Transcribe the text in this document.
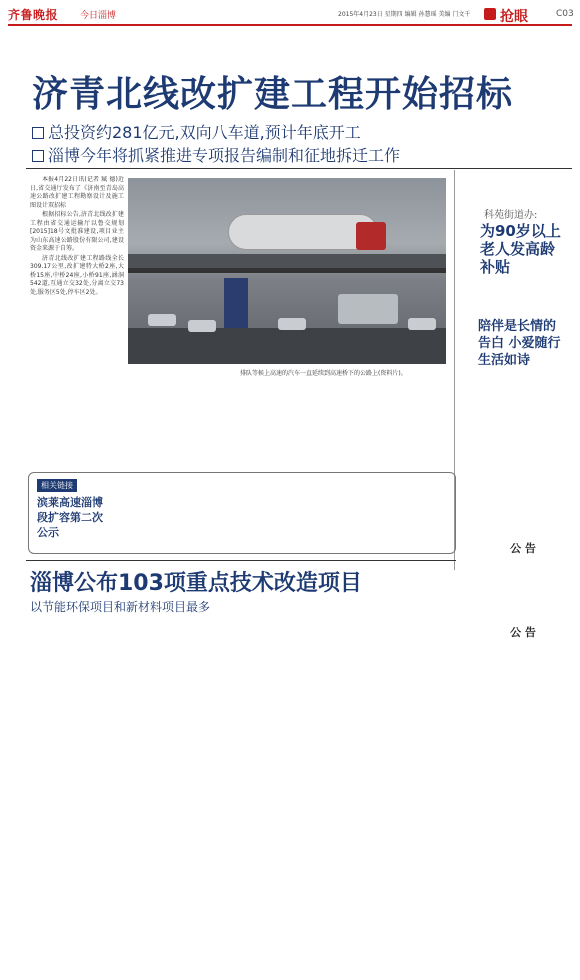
齐鲁晚报 今日淄博	2015年4月23日 星期四 编辑 孙慧瑶 美编 门文千 抢眼	C03
济青北线改扩建工程开始招标
总投资约281亿元,双向八车道,预计年底开工
淄博今年将抓紧推进专项报告编制和征地拆迁工作

本报4月22日讯(记者 臧 德)近日,省交通厅发布了《济南至青岛高速公路改扩建工程勘察设计及施工图设计双招标

根据招标公告,济青北线改扩建工程由省交通运输厅以鲁交规划[2015]18号文批准建设,项目业主为山东高速公路股份有限公司,建设资金来源于自筹。

济青北线改扩建工程路线全长309.17公里,改扩建特大桥2座,大桥15座,中桥24座,小桥91座,涵洞542道,互通立交32处,分离立交73处,服务区5处,停车区2处。

排队等候上高速的汽车一直延续到高速桥下的公路上(资料片)。
科苑街道办:
为90岁以上老人发高龄补贴
陪伴是长情的告白 小爱随行生活如诗
公 告
公 告
相关链接
滨莱高速淄博段扩容第二次公示
淄博公布103项重点技术改造项目
以节能环保项目和新材料项目最多
